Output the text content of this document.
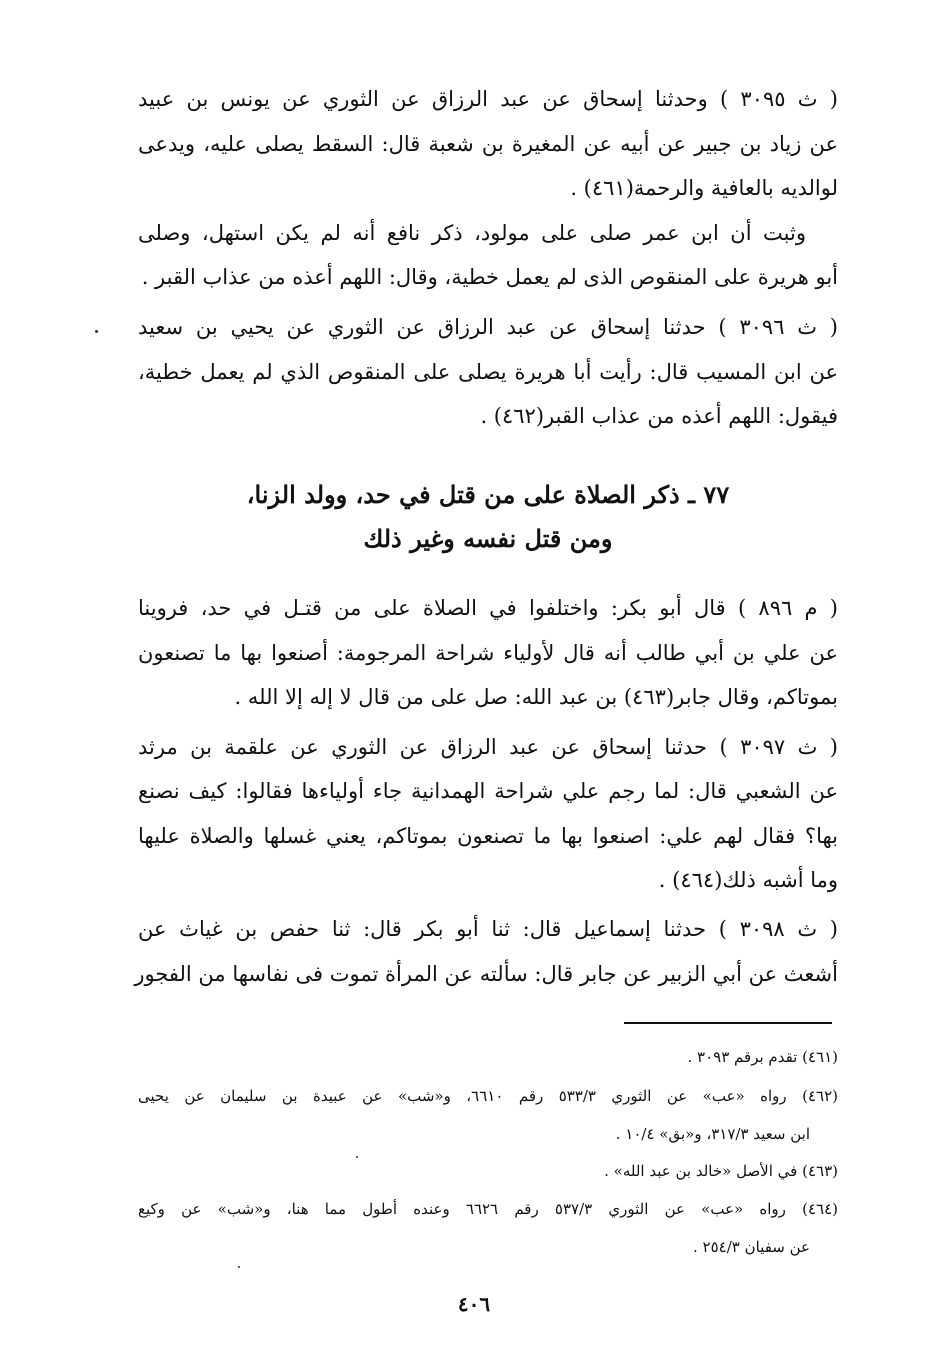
( ث ٣٠٩٥ ) وحدثنا إسحاق عن عبد الرزاق عن الثوري عن يونس بن عبيد
عن زياد بن جبير عن أبيه عن المغيرة بن شعبة قال: السقط يصلى عليه، ويدعى
لوالديه بالعافية والرحمة(٤٦١) .
وثبت أن ابن عمر صلى على مولود، ذكر نافع أنه لم يكن استهل، وصلى
أبو هريرة على المنقوص الذى لم يعمل خطية، وقال: اللهم أعذه من عذاب القبر .
( ث ٣٠٩٦ ) حدثنا إسحاق عن عبد الرزاق عن الثوري عن يحيي بن سعيد
عن ابن المسيب قال: رأيت أبا هريرة يصلى على المنقوص الذي لم يعمل خطية،
فيقول: اللهم أعذه من عذاب القبر(٤٦٢) .
٧٧ ـ ذكر الصلاة على من قتل في حد، وولد الزنا،
ومن قتل نفسه وغير ذلك
( م ٨٩٦ ) قال أبو بكر: واختلفوا في الصلاة على من قتـل في حد، فروينا
عن علي بن أبي طالب أنه قال لأولياء شراحة المرجومة: أصنعوا بها ما تصنعون
بموتاكم، وقال جابر(٤٦٣) بن عبد الله: صل على من قال لا إله إلا الله .
( ث ٣٠٩٧ ) حدثنا إسحاق عن عبد الرزاق عن الثوري عن علقمة بن مرثد
عن الشعبي قال: لما رجم علي شراحة الهمدانية جاء أولياءها فقالوا: كيف نصنع
بها؟ فقال لهم علي: اصنعوا بها ما تصنعون بموتاكم، يعني غسلها والصلاة عليها
وما أشبه ذلك(٤٦٤) .
( ث ٣٠٩٨ ) حدثنا إسماعيل قال: ثنا أبو بكر قال: ثنا حفص بن غياث عن
أشعث عن أبي الزبير عن جابر قال: سألته عن المرأة تموت فى نفاسها من الفجور
(٤٦١) تقدم برقم ٣٠٩٣ .
(٤٦٢) رواه «عب» عن الثوري ٥٣٣/٣ رقم ٦٦١٠، و«شب» عن عبيدة بن سليمان عن يحيى
ابن سعيد ٣١٧/٣، و«بق» ١٠/٤ .
(٤٦٣) في الأصل «خالد بن عبد الله» .
(٤٦٤) رواه «عب» عن الثوري ٥٣٧/٣ رقم ٦٦٢٦ وعنده أطول مما هنا، و«شب» عن وكيع
عن سفيان ٢٥٤/٣ .
٤٠٦
